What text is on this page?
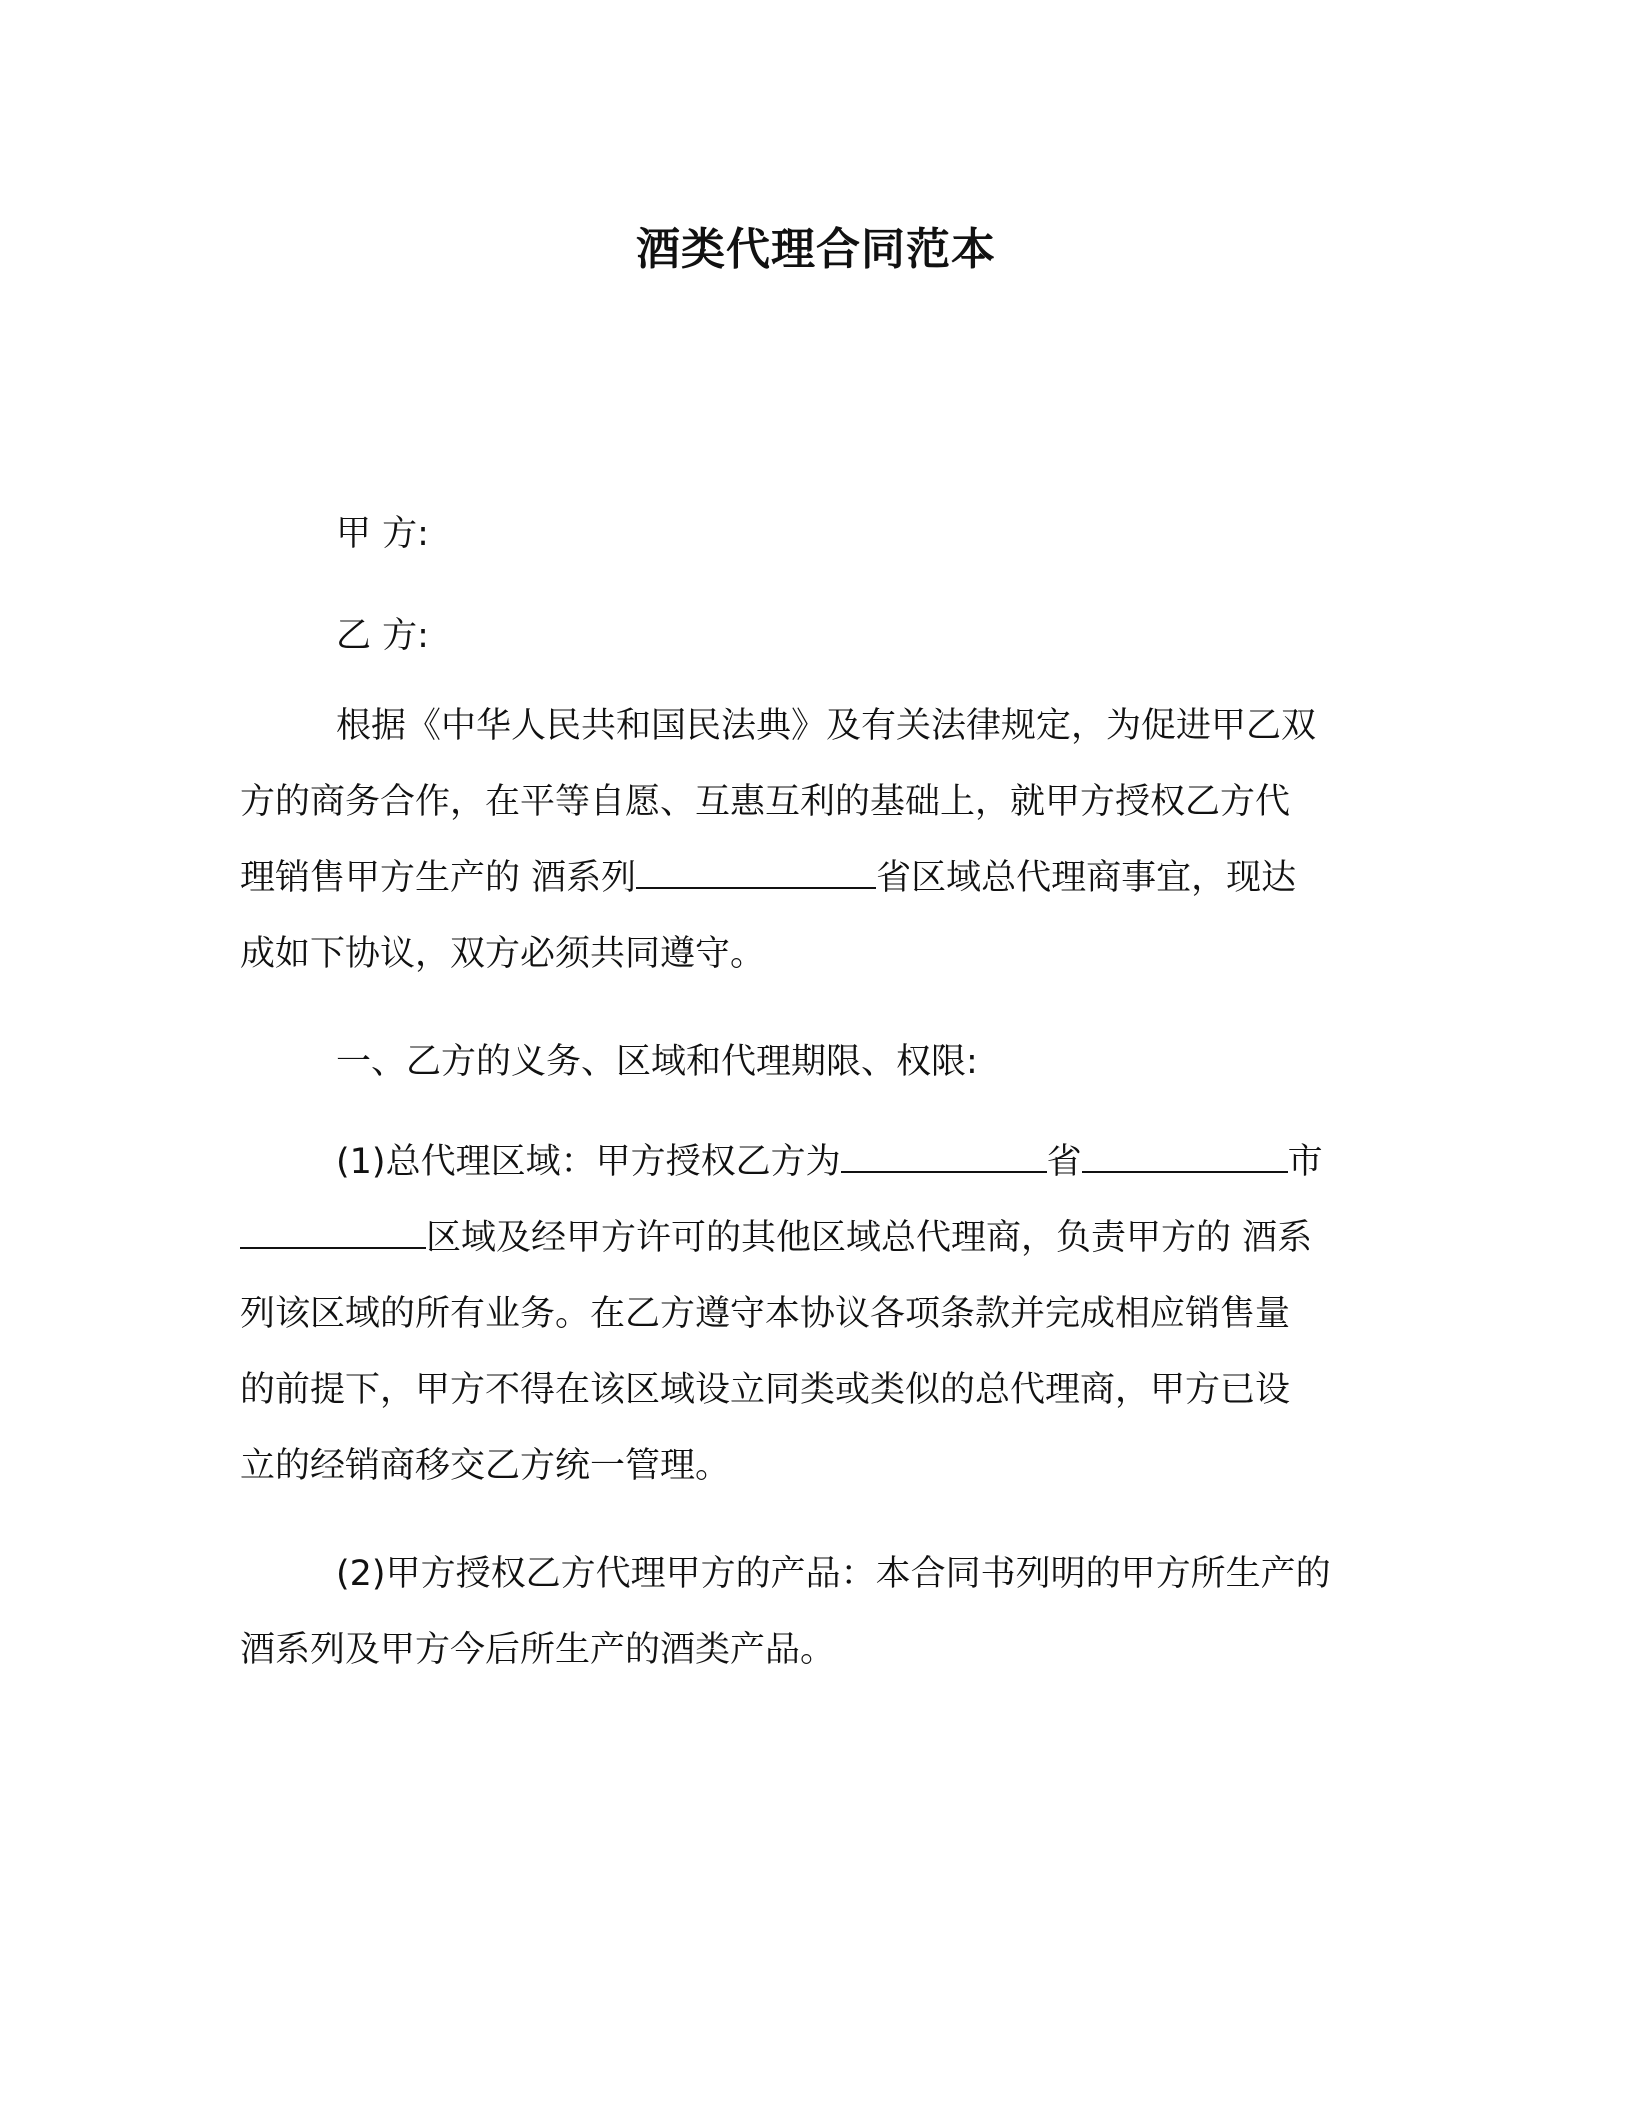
酒类代理合同范本
甲 方:
乙 方:
根据《中华人民共和国民法典》及有关法律规定，为促进甲乙双
方的商务合作，在平等自愿、互惠互利的基础上，就甲方授权乙方代
理销售甲方生产的 酒系列	省区域总代理商事宜，现达
成如下协议，双方必须共同遵守。
一、乙方的义务、区域和代理期限、权限:
(1)总代理区域：甲方授权乙方为	省	市
区域及经甲方许可的其他区域总代理商，负责甲方的 酒系
列该区域的所有业务。在乙方遵守本协议各项条款并完成相应销售量
的前提下，甲方不得在该区域设立同类或类似的总代理商，甲方已设
立的经销商移交乙方统一管理。
(2)甲方授权乙方代理甲方的产品：本合同书列明的甲方所生产的
酒系列及甲方今后所生产的酒类产品。
